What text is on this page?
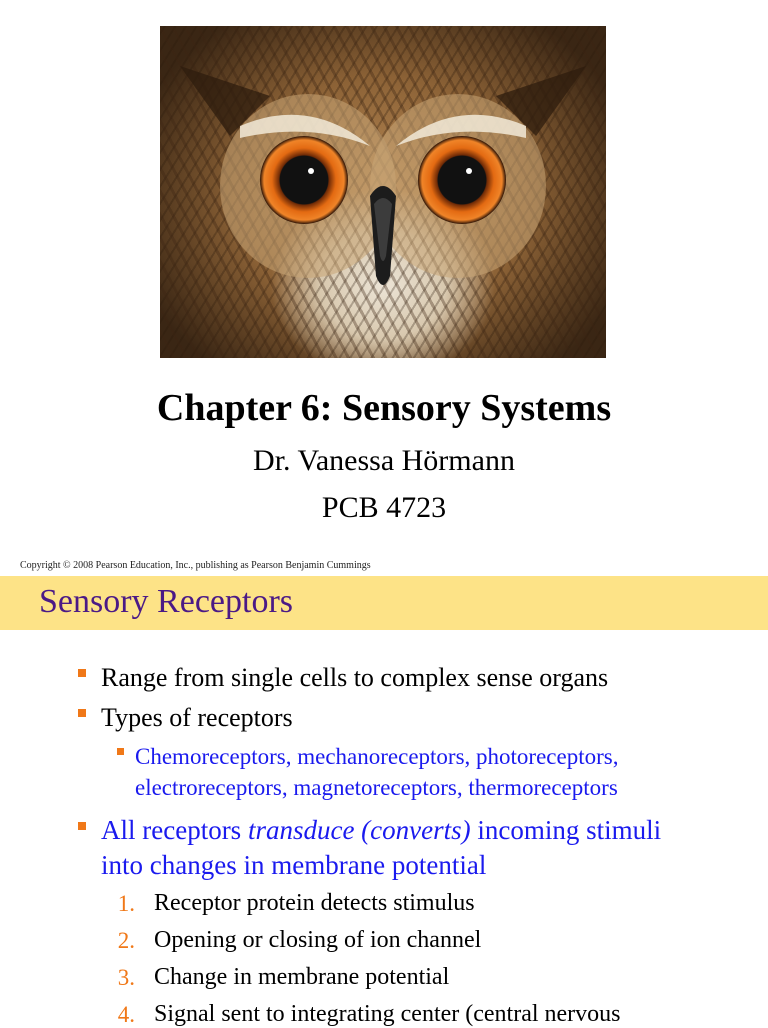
Chapter 6: Sensory Systems
Dr. Vanessa Hörmann
PCB 4723
Copyright © 2008 Pearson Education, Inc., publishing as Pearson Benjamin Cummings
Sensory Receptors
Range from single cells to complex sense organs
Types of receptors
Chemoreceptors, mechanoreceptors, photoreceptors,
electroreceptors, magnetoreceptors, thermoreceptors
All receptors transduce (converts) incoming stimuli
into changes in membrane potential
1. Receptor protein detects stimulus
2. Opening or closing of ion channel
3. Change in membrane potential
4. Signal sent to integrating center (central nervous
